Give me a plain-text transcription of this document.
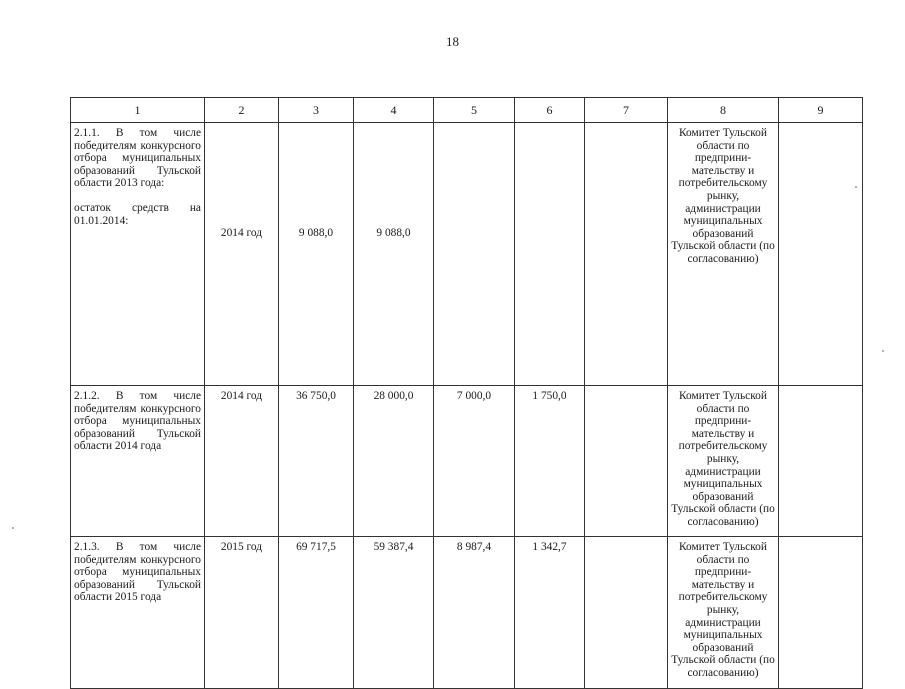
18
1	2	3	4	5	6	7	8	9

2.1.1. В том числе победителям конкурсного отбора муниципальных образований Тульской области 2013 года:
остаток средств на 01.01.2014:	2014 год	9 088,0	9 088,0				Комитет Тульской области по предприни-мательству и потребительскому рынку, администрации муниципальных образований Тульской области (по согласованию)	

2.1.2. В том числе победителям конкурсного отбора муниципальных образований Тульской области 2014 года	2014 год	36 750,0	28 000,0	7 000,0	1 750,0		Комитет Тульской области по предприни-мательству и потребительскому рынку, администрации муниципальных образований Тульской области (по согласованию)	

2.1.3. В том числе победителям конкурсного отбора муниципальных образований Тульской области 2015 года	2015 год	69 717,5	59 387,4	8 987,4	1 342,7		Комитет Тульской области по предприни-мательству и потребительскому рынку, администрации муниципальных образований Тульской области (по согласованию)	
